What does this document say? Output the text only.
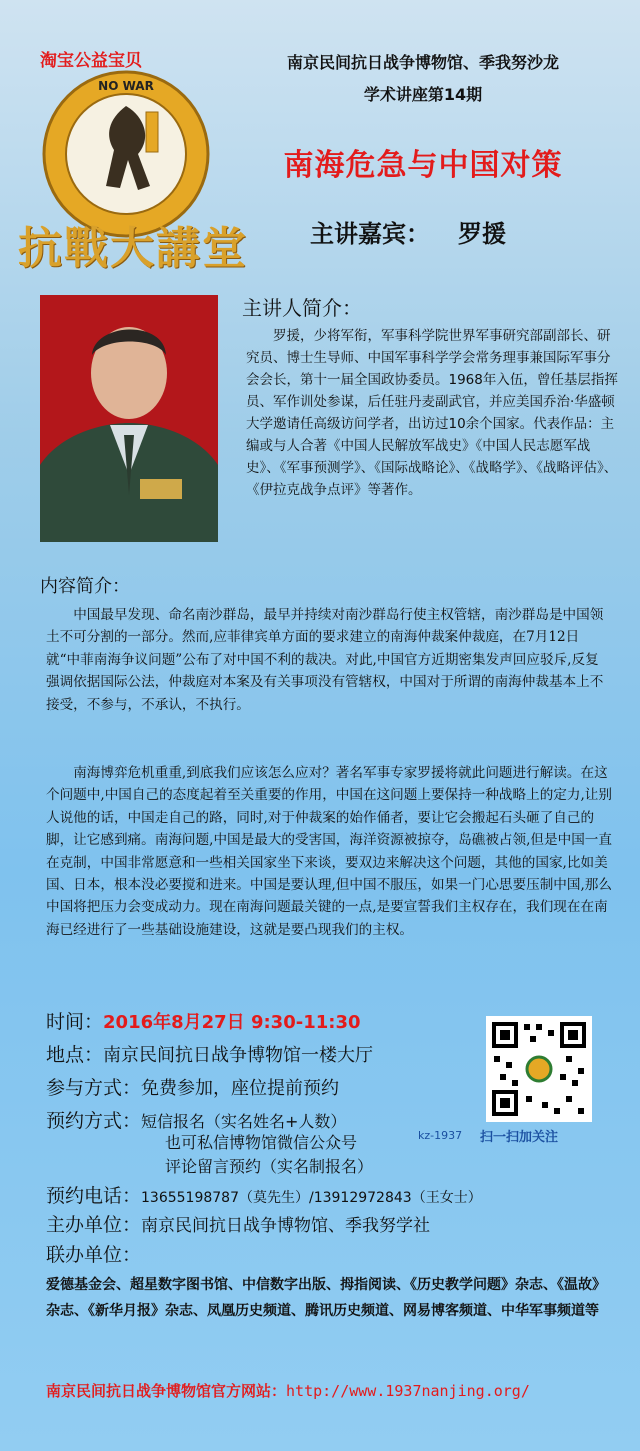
淘宝公益宝贝
NO WAR
抗戰大講堂
南京民间抗日战争博物馆、季我努沙龙
学术讲座第14期
南海危急与中国对策
主讲嘉宾： 罗援
主讲人简介：

罗援，少将军衔，军事科学院世界军事研究部副部长、研究员、博士生导师、中国军事科学学会常务理事兼国际军事分会会长，第十一届全国政协委员。1968年入伍，曾任基层指挥员、军作训处参谋，后任驻丹麦副武官，并应美国乔治·华盛顿大学邀请任高级访问学者，出访过10余个国家。代表作品：主编或与人合著《中国人民解放军战史》《中国人民志愿军战史》、《军事预测学》、《国际战略论》、《战略学》、《战略评估》、《伊拉克战争点评》等著作。

内容简介：

中国最早发现、命名南沙群岛，最早并持续对南沙群岛行使主权管辖，南沙群岛是中国领土不可分割的一部分。然而,应菲律宾单方面的要求建立的南海仲裁案仲裁庭，在7月12日就“中菲南海争议问题”公布了对中国不利的裁决。对此,中国官方近期密集发声回应驳斥,反复强调依据国际公法，仲裁庭对本案及有关事项没有管辖权，中国对于所谓的南海仲裁基本上不接受，不参与，不承认，不执行。

南海博弈危机重重,到底我们应该怎么应对？著名军事专家罗援将就此问题进行解读。在这个问题中,中国自己的态度起着至关重要的作用，中国在这问题上要保持一种战略上的定力,让别人说他的话，中国走自己的路，同时,对于仲裁案的始作俑者，要让它会搬起石头砸了自己的脚，让它感到痛。南海问题,中国是最大的受害国，海洋资源被掠夺，岛礁被占领,但是中国一直在克制，中国非常愿意和一些相关国家坐下来谈，要双边来解决这个问题，其他的国家,比如美国、日本，根本没必要搅和进来。中国是要认理,但中国不服压，如果一门心思要压制中国,那么中国将把压力会变成动力。现在南海问题最关键的一点,是要宣誓我们主权存在，我们现在在南海已经进行了一些基础设施建设，这就是要凸现我们的主权。

时间：2016年8月27日 9:30-11:30
地点：南京民间抗日战争博物馆一楼大厅
参与方式：免费参加，座位提前预约
预约方式：短信报名（实名姓名+人数）
也可私信博物馆微信公众号
评论留言预约（实名制报名）
kz-1937 扫一扫加关注
预约电话：13655198787（莫先生）/13912972843（王女士）
主办单位：南京民间抗日战争博物馆、季我努学社
联办单位：

爱德基金会、超星数字图书馆、中信数字出版、拇指阅读、《历史教学问题》杂志、《温故》杂志、《新华月报》杂志、凤凰历史频道、腾讯历史频道、网易博客频道、中华军事频道等

南京民间抗日战争博物馆官方网站：http://www.1937nanjing.org/
